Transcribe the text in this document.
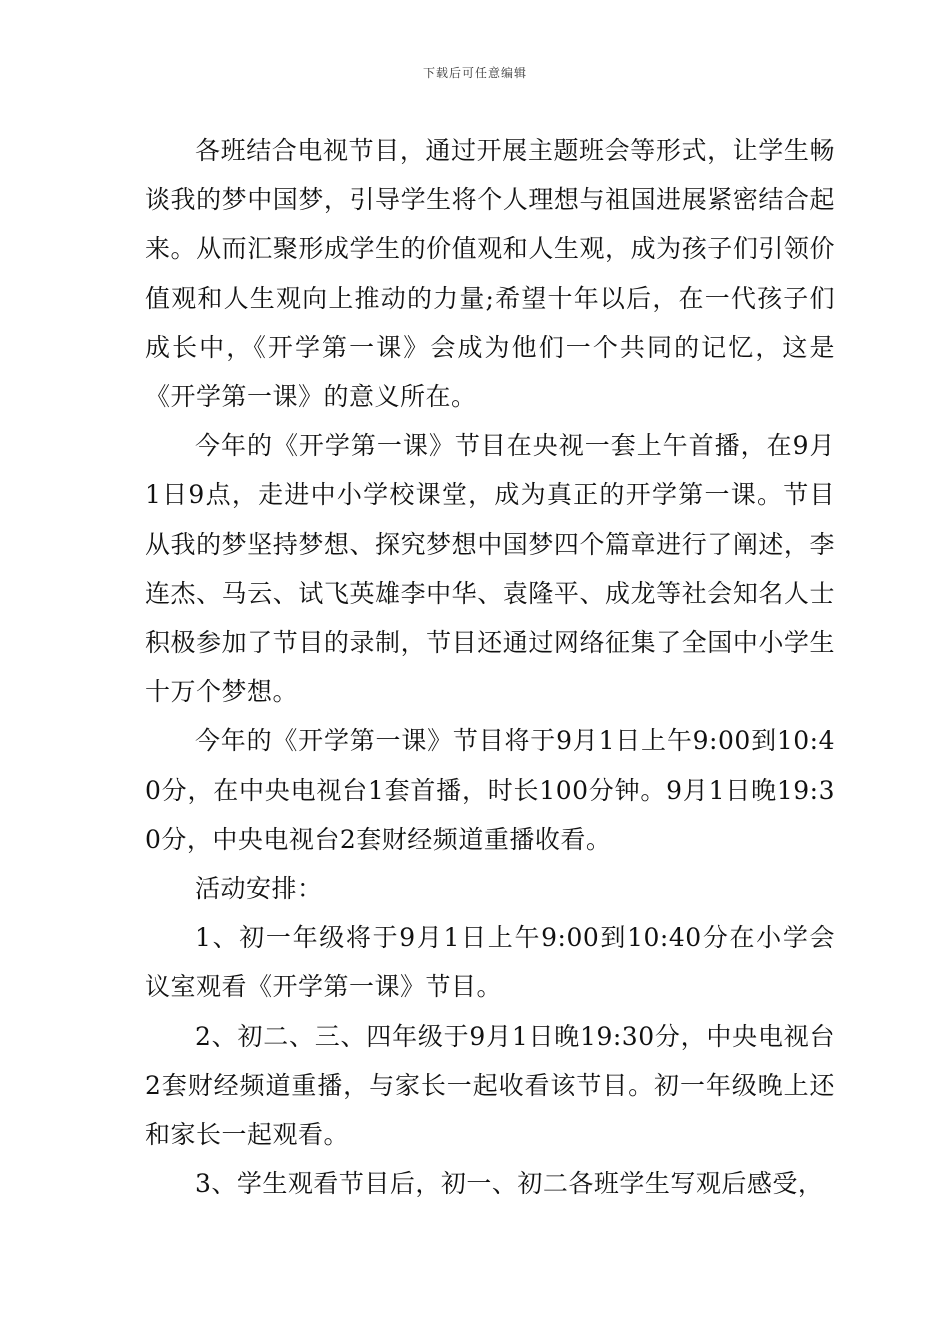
下载后可任意编辑

各班结合电视节目，通过开展主题班会等形式，让学生畅谈我的梦中国梦，引导学生将个人理想与祖国进展紧密结合起来。从而汇聚形成学生的价值观和人生观，成为孩子们引领价值观和人生观向上推动的力量;希望十年以后，在一代孩子们成长中，《开学第一课》会成为他们一个共同的记忆，这是《开学第一课》的意义所在。

今年的《开学第一课》节目在央视一套上午首播，在9月1日9点，走进中小学校课堂，成为真正的开学第一课。节目从我的梦坚持梦想、探究梦想中国梦四个篇章进行了阐述，李连杰、马云、试飞英雄李中华、袁隆平、成龙等社会知名人士积极参加了节目的录制，节目还通过网络征集了全国中小学生十万个梦想。

今年的《开学第一课》节目将于9月1日上午9:00到10:40分，在中央电视台1套首播，时长100分钟。9月1日晚19:30分，中央电视台2套财经频道重播收看。

活动安排：

1、初一年级将于9月1日上午9:00到10:40分在小学会议室观看《开学第一课》节目。

2、初二、三、四年级于9月1日晚19:30分，中央电视台2套财经频道重播，与家长一起收看该节目。初一年级晚上还和家长一起观看。

3、学生观看节目后，初一、初二各班学生写观后感受，
